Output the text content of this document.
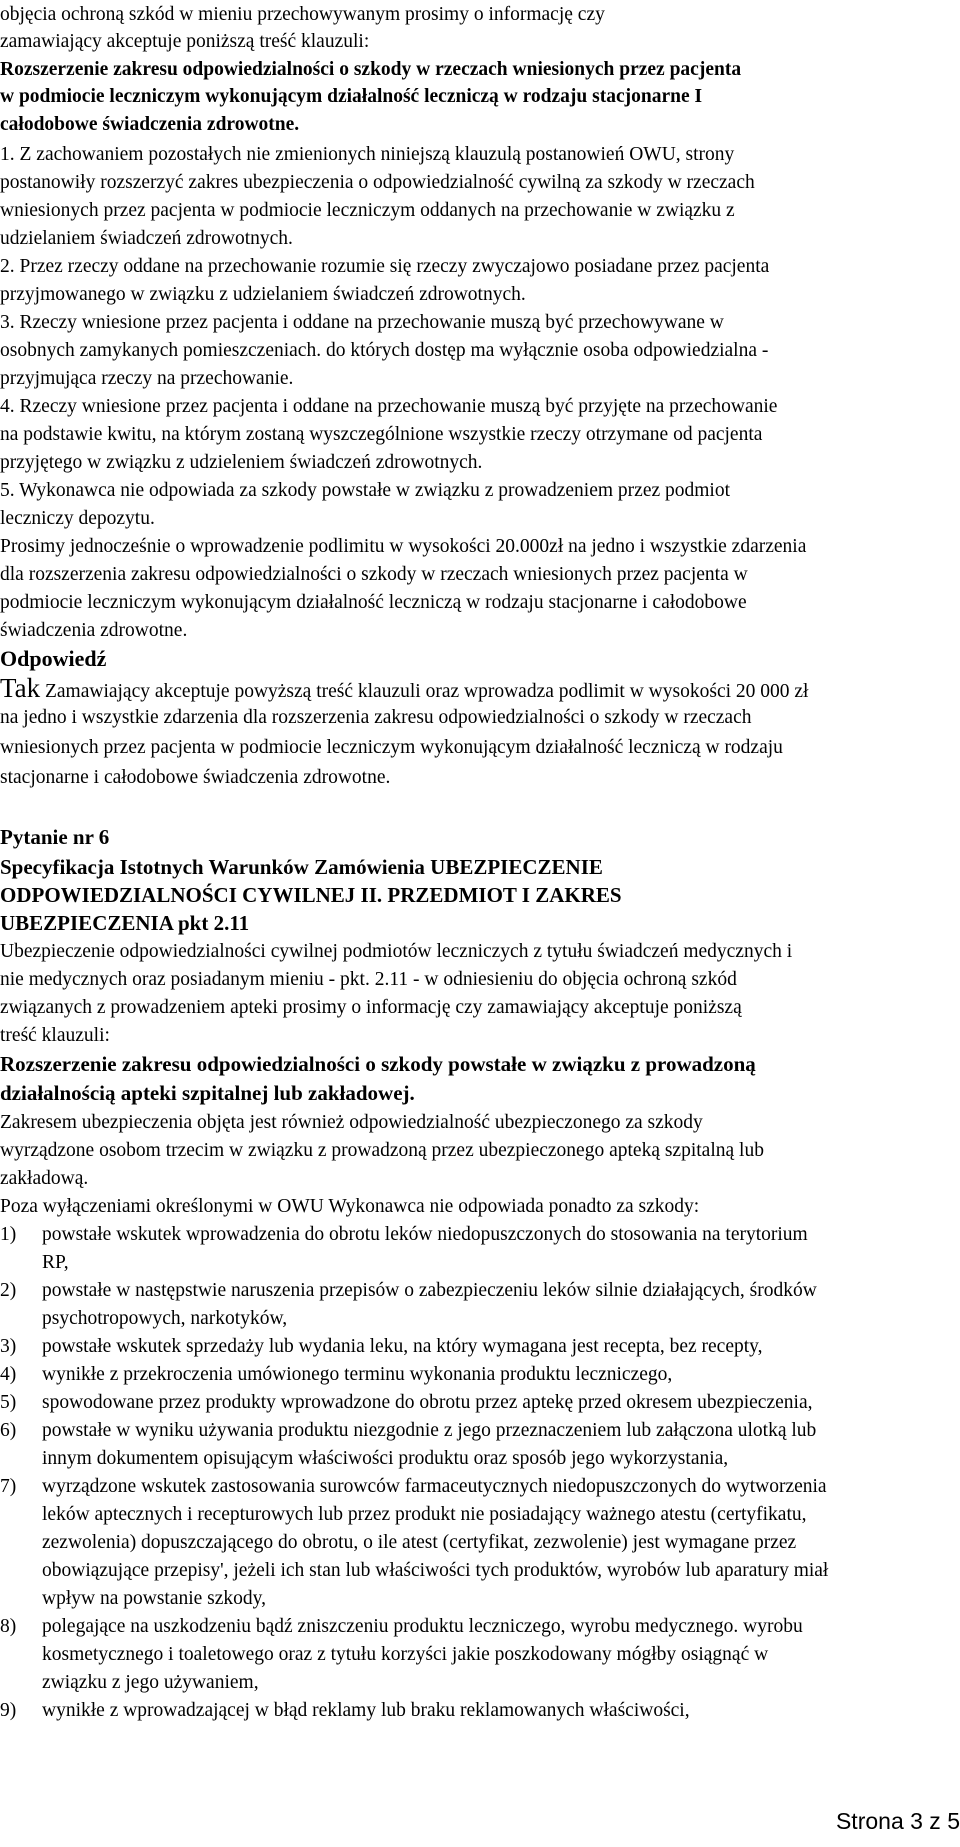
objęcia ochroną szkód w mieniu przechowywanym prosimy o informację czy
zamawiający akceptuje poniższą treść klauzuli:
Rozszerzenie zakresu odpowiedzialności o szkody w rzeczach wniesionych przez pacjenta
w podmiocie leczniczym wykonującym działalność leczniczą w rodzaju stacjonarne I
całodobowe świadczenia zdrowotne.
1. Z zachowaniem pozostałych nie zmienionych niniejszą klauzulą postanowień OWU, strony
postanowiły rozszerzyć zakres ubezpieczenia o odpowiedzialność cywilną za szkody w rzeczach
wniesionych przez pacjenta w podmiocie leczniczym oddanych na przechowanie w związku z
udzielaniem świadczeń zdrowotnych.
2. Przez rzeczy oddane na przechowanie rozumie się rzeczy zwyczajowo posiadane przez pacjenta
przyjmowanego w związku z udzielaniem świadczeń zdrowotnych.
3. Rzeczy wniesione przez pacjenta i oddane na przechowanie muszą być przechowywane w
osobnych zamykanych pomieszczeniach. do których dostęp ma wyłącznie osoba odpowiedzialna -
przyjmująca rzeczy na przechowanie.
4. Rzeczy wniesione przez pacjenta i oddane na przechowanie muszą być przyjęte na przechowanie
na podstawie kwitu, na którym zostaną wyszczególnione wszystkie rzeczy otrzymane od pacjenta
przyjętego w związku z udzieleniem świadczeń zdrowotnych.
5. Wykonawca nie odpowiada za szkody powstałe w związku z prowadzeniem przez podmiot
leczniczy depozytu.
Prosimy jednocześnie o wprowadzenie podlimitu w wysokości 20.000zł na jedno i wszystkie zdarzenia
dla rozszerzenia zakresu odpowiedzialności o szkody w rzeczach wniesionych przez pacjenta w
podmiocie leczniczym wykonującym działalność leczniczą w rodzaju stacjonarne i całodobowe
świadczenia zdrowotne.
Odpowiedź
Tak Zamawiający akceptuje powyższą treść klauzuli oraz wprowadza podlimit w wysokości 20 000 zł
na jedno i wszystkie zdarzenia dla rozszerzenia zakresu odpowiedzialności o szkody w rzeczach
wniesionych przez pacjenta w podmiocie leczniczym wykonującym działalność leczniczą w rodzaju
stacjonarne i całodobowe świadczenia zdrowotne.
Pytanie nr 6
Specyfikacja Istotnych Warunków Zamówienia UBEZPIECZENIE
ODPOWIEDZIALNOŚCI CYWILNEJ II. PRZEDMIOT I ZAKRES
UBEZPIECZENIA pkt 2.11
Ubezpieczenie odpowiedzialności cywilnej podmiotów leczniczych z tytułu świadczeń medycznych i
nie medycznych oraz posiadanym mieniu - pkt. 2.11 - w odniesieniu do objęcia ochroną szkód
związanych z prowadzeniem apteki prosimy o informację czy zamawiający akceptuje poniższą
treść klauzuli:
Rozszerzenie zakresu odpowiedzialności o szkody powstałe w związku z prowadzoną
działalnością apteki szpitalnej lub zakładowej.
Zakresem ubezpieczenia objęta jest również odpowiedzialność ubezpieczonego za szkody
wyrządzone osobom trzecim w związku z prowadzoną przez ubezpieczonego apteką szpitalną lub
zakładową.
Poza wyłączeniami określonymi w OWU Wykonawca nie odpowiada ponadto za szkody:
1) powstałe wskutek wprowadzenia do obrotu leków niedopuszczonych do stosowania na terytorium
RP,
2) powstałe w następstwie naruszenia przepisów o zabezpieczeniu leków silnie działających, środków
psychotropowych, narkotyków,
3) powstałe wskutek sprzedaży lub wydania leku, na który wymagana jest recepta, bez recepty,
4) wynikłe z przekroczenia umówionego terminu wykonania produktu leczniczego,
5) spowodowane przez produkty wprowadzone do obrotu przez aptekę przed okresem ubezpieczenia,
6) powstałe w wyniku używania produktu niezgodnie z jego przeznaczeniem lub załączona ulotką lub
innym dokumentem opisującym właściwości produktu oraz sposób jego wykorzystania,
7) wyrządzone wskutek zastosowania surowców farmaceutycznych niedopuszczonych do wytworzenia
leków aptecznych i recepturowych lub przez produkt nie posiadający ważnego atestu (certyfikatu,
zezwolenia) dopuszczającego do obrotu, o ile atest (certyfikat, zezwolenie) jest wymagane przez
obowiązujące przepisy', jeżeli ich stan lub właściwości tych produktów, wyrobów lub aparatury miał
wpływ na powstanie szkody,
8) polegające na uszkodzeniu bądź zniszczeniu produktu leczniczego, wyrobu medycznego. wyrobu
kosmetycznego i toaletowego oraz z tytułu korzyści jakie poszkodowany mógłby osiągnąć w
związku z jego używaniem,
9) wynikłe z wprowadzającej w błąd reklamy lub braku reklamowanych właściwości,
Strona 3 z 5
